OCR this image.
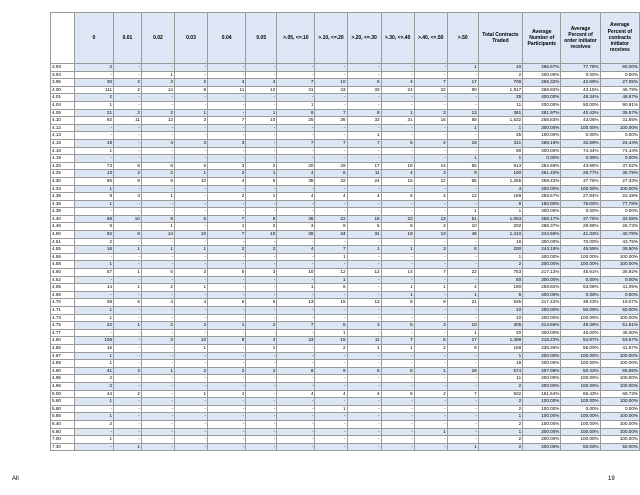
	0	0.01	0.02	0.03	0.04	0.05	>.05, <=.10	>.10, <=.20	>.20, <=.30	>.30, <=.40	>.40, <=.50	>.50	Total Contracts Traded	Average Number of Participants	Average Percent of order initiator receives	Average Percent of contracts initiator receives
3.93	2	-	-	-	-	-	-	-	-	-	-	1	10	266.67%	77.78%	60.00%
3.94	-	-	1	-	-	-	-	-	-	-	-	-	2	200.00%	0.00%	0.00%
3.95	30	2	3	2	4	4	7	10	6	4	7	17	706	269.32%	42.69%	27.05%
4.00	111	2	14	8	11	12	31	43	33	24	22	90	1,917	268.82%	43.15%	46.79%
4.01	2	-	-	-	-	-	-	-	-	-	-	-	35	400.00%	48.34%	48.57%
4.04	1	-	-	-	-	-	1	-	-	-	-	-	11	200.00%	50.00%	90.91%
4.05	21	2	2	1	-	1	8	7	8	1	3	13	361	281.97%	40.42%	36.57%
4.10	92	11	12	3	7	10	25	36	32	31	16	58	1,532	268.83%	43.06%	31.85%
4.12	-	-	-	-	-	-	-	-	-	-	-	1	1	300.00%	100.00%	100.00%
4.13	-	-	-	-	-	-	-	-	1	-	-	-	35	100.00%	0.00%	0.00%
4.15	18	-	4	3	3	-	7	7	7	5	4	19	311	288.16%	32.89%	24.44%
4.16	1	-	-	-	-	-	-	-	-	-	-	-	90	300.00%	74.44%	74.44%
4.19	-	-	-	-	-	-	-	-	-	-	-	1	1	0.00%	0.00%	0.00%
4.20	73	8	8	6	3	2	20	29	17	18	14	56	913	252.69%	43.98%	37.02%
4.25	13	2	2	1	2	1	4	6	11	4	3	9	190	261.40%	28.77%	35.79%
4.30	66	9	8	10	4	5	38	32	24	15	12	65	1,255	259.42%	37.75%	27.33%
4.33	1	-	-	-	-	-	-	-	-	-	-	-	4	200.00%	100.00%	100.00%
4.35	8	3	1	-	2	1	4	4	4	5	4	12	169	259.57%	27.84%	22.49%
4.36	1	-	-	-	-	-	-	-	-	-	-	-	9	150.00%	75.00%	77.78%
4.39	-	-	-	-	-	-	-	-	-	-	-	1	1	300.00%	0.00%	0.00%
4.40	68	10	8	5	7	9	36	22	18	22	13	51	1,063	258.17%	37.75%	32.08%
4.45	9	-	1	-	1	2	3	8	5	8	3	10	202	288.37%	29.98%	26.73%
4.50	92	8	14	10	7	10	28	34	31	19	13	48	1,410	244.56%	41.33%	40.78%
4.51	2	-	-	-	-	-	-	-	-	-	-	-	16	300.00%	70.00%	43.75%
4.55	16	1	1	1	2	2	4	7	1	1	3	6	200	244.19%	46.59%	39.50%
4.56	-	-	-	-	-	-	-	1	-	-	-	-	1	400.00%	100.00%	100.00%
4.58	1	-	-	-	-	-	-	-	-	-	-	-	2	200.00%	100.00%	100.00%
4.60	57	1	5	3	5	3	10	12	12	14	7	22	753	217.12%	45.61%	36.92%
4.62	-	-	-	-	-	-	-	1	-	-	-	-	50	300.00%	0.00%	0.00%
4.65	14	1	2	1	-	-	1	6	-	1	1	4	190	258.82%	53.08%	41.05%
4.68	-	-	-	-	-	-	-	-	-	1	-	1	5	400.00%	0.00%	0.00%
4.70	38	5	4	4	5	5	13	15	13	8	9	21	535	217.42%	38.23%	19.07%
4.71	1	-	-	-	-	-	-	-	-	-	-	-	10	200.00%	50.00%	50.00%
4.73	1	-	-	-	-	-	-	-	-	-	-	-	10	200.00%	100.00%	100.00%
4.75	22	1	2	3	1	2	7	5	3	5	3	10	305	214.55%	49.39%	51.81%
4.77	-	-	-	-	-	-	-	1	-	-	-	1	20	300.00%	45.00%	45.00%
4.80	106	-	3	10	8	4	23	15	11	7	6	17	1,499	218.22%	54.97%	53.57%
4.85	16	-	-	1	-	1	-	2	1	1	2	9	168	236.36%	56.00%	41.67%
4.87	1	-	-	-	-	-	-	-	-	-	-	-	1	200.00%	100.00%	100.00%
4.89	1	-	-	-	-	-	-	-	-	-	-	-	18	200.00%	100.00%	100.00%
4.90	41	3	1	2	2	2	8	9	5	6	1	16	574	207.08%	50.43%	65.85%
4.95	2	-	-	-	-	-	-	-	-	-	-	-	11	200.00%	100.00%	100.00%
4.96	2	-	-	-	-	-	-	-	-	-	-	-	2	200.00%	100.00%	100.00%
5.00	44	2	-	1	1	-	4	4	4	5	2	7	502	161.64%	65.43%	68.73%
5.60	1	-	-	-	-	-	-	-	-	-	-	-	2	100.00%	100.00%	100.00%
5.80	-	-	-	-	-	-	-	1	-	-	-	-	2	100.00%	0.00%	0.00%
5.85	1	-	-	-	-	-	-	-	-	-	-	-	1	100.00%	100.00%	100.00%
6.40	2	-	-	-	-	-	-	-	-	-	-	-	2	100.00%	100.00%	100.00%
6.80	-	-	-	-	-	-	-	-	-	-	1	-	1	300.00%	100.00%	100.00%
7.00	1	-	-	-	-	-	-	-	-	-	-	-	2	200.00%	100.00%	100.00%
7.30	-	1	-	-	-	-	-	-	-	-	-	1	2	200.00%	50.00%	50.00%
All	19
